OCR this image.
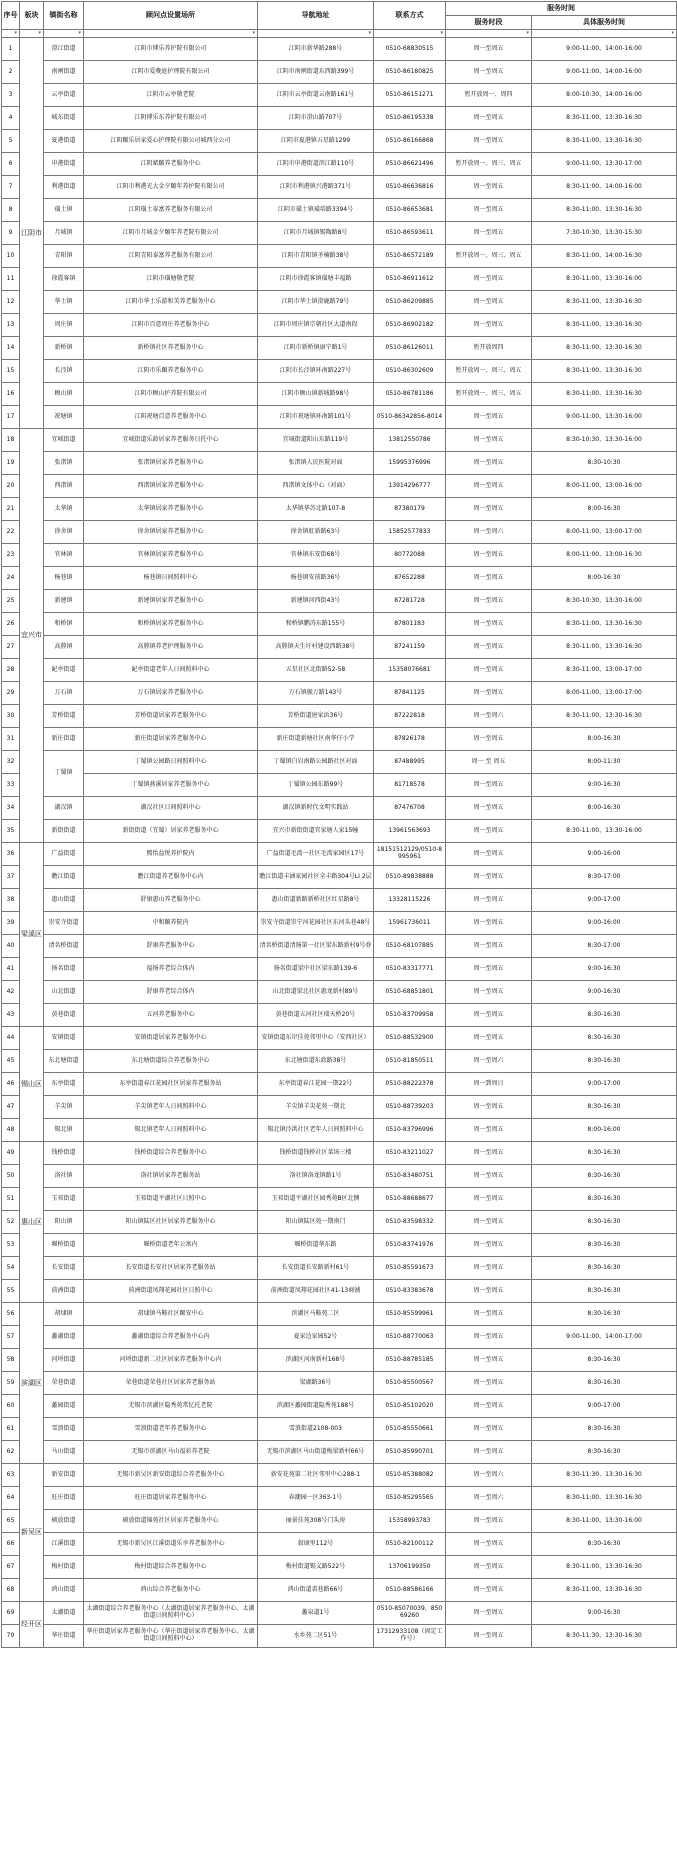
序号	板块	镇街名称	顾问点设置场所	导航地址	联系方式	服务时间	
						服务时段	具体服务时间
▾	▾	▾	▾	▾	▾	▾	▾
1	江阴市	澄江街道	江阴市博乐养护院有限公司	江阴市新华路288号	0510-68830515	周一至周五	9:00-11:00、14:00-16:00
2		南闸街道	江阴市爱晚庭护理院有限公司	江阴市南闸街道东西路399号	0510-86180825	周一至周五	9:00-11:00、14:00-16:00
3		云亭街道	江阴市云亭敬老院	江阴市云亭街道云南路161号	0510-86151271	暂开放周一、周四	8:00-10:30、14:00-16:00
4		城东街道	江阴博乐东养护院有限公司	江阴市澄山路707号	0510-86195338	周一至周五	8:30-11:00、13:30-16:30
5		夏港街道	江阴颐乐居家爱心护理院有限公司城西分公司	江阴市夏港镇五星路1299	0510-86166868	周一至周五	8:30-11:00、13:30-16:30
6		申港街道	江阴斌颐养老服务中心	江阴市申港街道滨江路110号	0510-86621496	暂开放周一、周三、周五	9:00-11:00、13:30-17:00
7		利港街道	江阴市利港光大金夕颐年养护院有限公司	江阴市利港镇兴港路371号	0510-86636816	周一至周五	8:30-11:00、14:00-16:00
8		璜土镇	江阴璜土泰富养老服务有限公司	江阴市璜土镇璜培路3394号	0510-86653681	周一至周五	8:30-11:00、13:30-16:30
9		月城镇	江阴市月城金夕颐年养老院有限公司	江阴市月城镇锡陶路8号	0510-86593611	周一至周五	7:30-10:30、13:30-15:30
10		青阳镇	江阴青阳泰富养老服务有限公司	江阴市青阳镇圣楠路38号	0510-86572189	暂开放周一、周三、周五	8:30-11:00、14:00-16:30
11		徐霞客镇	江阴市璜塘敬老院	江阴市徐霞客镇璜塘丰福路	0510-86911612	周一至周五	8:30-11:00、13:30-16:00
12		华士镇	江阴市华士乐游和美养老服务中心	江阴市华士镇澄鹿路79号	0510-86209885	周一至周五	8:30-11:00、13:30-16:30
13		周庄镇	江阴市百意周庄养老服务中心	江阴市周庄镇宗朝社区大道南段	0510-86902182	周一至周五	8:30-11:00、13:30-16:30
14		新桥镇	新桥镇社区养老服务中心	江阴市新桥镇康宁路1号	0510-86126011	暂开放周四	8:30-11:00、13:30-16:30
15		长泾镇	江阴市乐颐养老服务中心	江阴市长泾镇环南路227号	0510-86302609	暂开放周一、周三、周五	8:30-11:00、13:30-16:30
16		顾山镇	江阴市顾山护养院有限公司	江阴市顾山镇新城路98号	0510-86781186	暂开放周一、周三、周五	8:30-11:00、13:30-16:30
17		祝塘镇	江阴祝塘百意养老服务中心	江阴市祝塘镇环南路101号	0510-86342856-8014	周一至周五	9:00-11:00、13:30-16:00
18	宜兴市	宜城街道	宜城街道乐龄居家养老服务日托中心	宜城街道阳山东路119号	13812550786	周一至周五	8:30-10:30、13:30-16:00
19		张渚镇	张渚镇居家养老服务中心	张渚镇人民医院对面	15995376996	周一至周五	8:30-10:30
20		西渚镇	西渚镇居家养老服务中心	西渚镇文体中心（对面）	13914296777	周一至周五	8:00-11:00、13:00-16:00
21		太华镇	太华镇居家养老服务中心	太华镇华苏北路107-8	87380179	周一至周五	8:00-16:30
22		徐舍镇	徐舍镇居家养老服务中心	徐舍镇虹新路63号	15852577833	周一至周六	8:00-11:00、13:00-17:00
23		官林镇	官林镇居家养老服务中心	官林镇东安街68号	80772088	周一至周五	8:00-11:00、13:00-16:30
24		杨巷镇	杨巷镇日间照料中心	杨巷镇安前路36号	87652288	周一至周五	8:00-16:30
25		新建镇	新建镇居家养老服务中心	新建镇河西街43号	87281728	周一至周五	8:30-10:30、13:30-16:00
26		和桥镇	和桥镇居家养老服务中心	和桥镇鹏涛东路155号	87801183	周一至周五	8:30-11:00、13:30-16:30
27		高塍镇	高塍镇养老护理服务中心	高塍镇天生圩村建设西路38号	87241159	周一至周五	8:30-11:00、13:30-16:30
28		屺亭街道	屺亭街道老年人日间照料中心	五星社区北街路52-58	15358076681	周一至周五	8:30-11:00、13:00-17:00
29		万石镇	万石镇居家养老服务中心	万石镇振万路143号	87841125	周一至周五	8:00-11:00、13:00-17:00
30		芳桥街道	芳桥街道居家养老服务中心	芳桥街道唐家浜36号	87222818	周一至周六	8:30-11:00、13:30-16:30
31		新庄街道	新庄街道居家养老服务中心	新庄街道新塘社区南华仔小学	87826178	周一至周五	8:00-16:30
32		丁蜀镇	丁蜀镇公园路日间照料中心	丁蜀镇白岩南路公园路社区对面	87488995	周一 至 周五	8:00-11:30
33			丁蜀镇燕溪居家养老服务中心	丁蜀镇公园东路99号	81718578	周一至周五	9:00-16:30
34		湖㳇镇	湖㳇社区日间照料中心	湖㳇镇新时代文明实践站	87476708	周一至周五	8:00-16:30
35		新街街道	新街街道（宜蜀）居家养老服务中心	宜兴市新街街道官家塘人家15幢	13961563693	周一至周五	8:30-11:00、13:30-16:00
36	梁溪区	广益街道	熙怡益悦养护院内	广益街道毛湾一社区毛湾家园区17号	18151512129/0510-8995961	周一至周五	9:00-16:00
37		瞻江街道	瞻江街道养老服务中心内	瞻江街道丰涵家园社区全丰路304号LI 2层	0510-89838888	周一至周五	8:30-17:00
38		惠山街道	舒康惠山养老服务中心	惠山街道新路新桥社区红星路8号	13328115226	周一至周五	9:00-17:00
39		崇安寺街道	中和颐养院内	崇安寺街道崇宁河花园社区东河头巷48号	15961736011	周一至周五	9:00-16:00
40		清名桥街道	舒康养老服务中心	清名桥街道清扬第一社区梁东路新村9号券	0510-68107885	周一至周五	8:30-17:00
41		扬名街道	福扬养老综合体内	扬名街道梁中社区梁东路139-6	0510-83317771	周一至周五	9:00-16:30
42		山北街道	舒康养老综合体内	山北街道梁北社区惠龙新村89号	0510-68851801	周一至周五	9:00-16:30
43		黄巷街道	五河养老服务中心	黄巷街道五河社区瑞天桥20号	0510-83709958	周一至周五	8:30-16:30
44	锡山区	安镇街道	安镇街道居家养老服务中心	安镇街道东岸佳苑邻里中心（安西社区）	0510-88532900	周一至周五	8:30-16:30
45		东北塘街道	东北塘街道综合养老服务中心	东北塘街道东政路38号	0510-81850511	周一至周六	8:30-16:30
46		东亭街道	东亭街道春江花园社区居家养老服务站	东亭街道春江花园一期22号	0510-88222378	周一到周日	9:00-17:00
47		羊尖镇	羊尖镇老年人日间照料中心	羊尖镇羊尖花苑一期北	0510-88739203	周一至周五	8:30-16:30
48		锡北镇	锡北镇老年人日间照料中心	锡北镇泾洪社区老年人日间照料中心	0510-83796996	周一至周五	8:00-16:00
49	惠山区	钱桥街道	钱桥街道综合养老服务中心	钱桥街道钱桥社区菜场三楼	0510-83211027	周一至周五	8:30-16:30
50		洛社镇	洛社镇居家养老服务站	洛社镇洛龙镇路1号	0510-83480751	周一至周五	8:30-16:30
51		玉祁街道	玉祁街道平湖社区日照中心	玉祁街道平湖社区园秀苑B区北侧	0510-88688677	周一至周五	8:30-16:30
52		阳山镇	阳山镇陆区社区居家养老服务中心	阳山镇陆区苑一期南门	0510-83598332	周一至周五	8:30-16:30
53		堰桥街道	堰桥街道老年公寓内	堰桥街道华东路	0510-83741976	周一至周五	8:30-16:30
54		长安街道	长安街道长安社区居家养老服务站	长安街道长安路新村61号	0510-85591673	周一至周五	8:30-16:30
55		前洲街道	前洲街道凤翔花园社区日照中心	前洲街道凤翔花园社区41-13商铺	0510-83383678	周一至周五	8:30-16:30
56	滨湖区	胡埭镇	胡埭镇马鞍社区颐安中心	滨湖区马鞍苑二区	0510-85599961	周一至周五	8:30-16:30
57		蠡湖街道	蠡湖街道综合养老服务中心内	夏家边家园52号	0510-88770063	周一至周五	9:00-11:00、14:00-17:00
58		河埒街道	河埒街道新二社区居家养老服务中心内	滨湖区河南新村168号	0510-88785185	周一至周五	8:30-16:30
59		荣巷街道	荣巷街道荣巷社区居家养老服务站	梁湖路36号	0510-85500567	周一至周五	8:30-16:30
60		蠡园街道	无锡市滨湖区隐秀苑常忆托老院	滨湖区蠡园街道隐秀苑188号	0510-85102020	周一至周五	9:00-17:00
61		雪浪街道	雪浪街道老年养老服务中心	雪浪街道2108-003	0510-85550661	周一至周五	8:30-16:30
62		马山街道	无锡市滨湖区马山福彩养老院	无锡市滨湖区马山街道梅梁新村66号	0510-85990701	周一至周五	8:30-16:30
63	新吴区	新安街道	无锡市新吴区新安街道综合养老服务中心	新安花苑第二社区邻里中心288-1	0510-85388082	周一至周六	8:30-11:30、13:30-16:30
64		旺庄街道	旺庄街道居家养老服务中心	春潮园一区363-1号	0510-85295565	周一至周六	8:30-11:00、13:30-16:30
65		硕放街道	硕放街道锦苑社区居家养老服务中心	丽景佳苑308号门头房	15358993783	周一至周五	8:30-11:00、13:30-16:00
66		江溪街道	无锡市新吴区江溪街道乐享养老服务中心	叙康里112号	0510-82100112	周一至周五	8:30-16:30
67		梅村街道	梅村街道综合养老服务中心	梅村街道锡义路522号	13706199350	周一至周五	8:30-11:00、13:30-16:30
68		鸿山街道	鸿山综合养老服务中心	鸿山街道裘巷路66号	0510-88586166	周一至周五	8:30-11:00、13:30-16:30
69	经开区	太湖街道	太湖街道综合养老服务中心（太湖街道居家养老服务中心、太湖街道日间照料中心）	蠡泉道1号	0510-85070039、85069260	周一至周五	9:00-16:30
70		华庄街道	华庄街道居家养老服务中心（华庄街道居家养老服务中心、太湖街道日间照料中心）	水乡苑二区51号	17312933108（固定工作号）	周一至周五	8:30-11:30、13:30-16:30
